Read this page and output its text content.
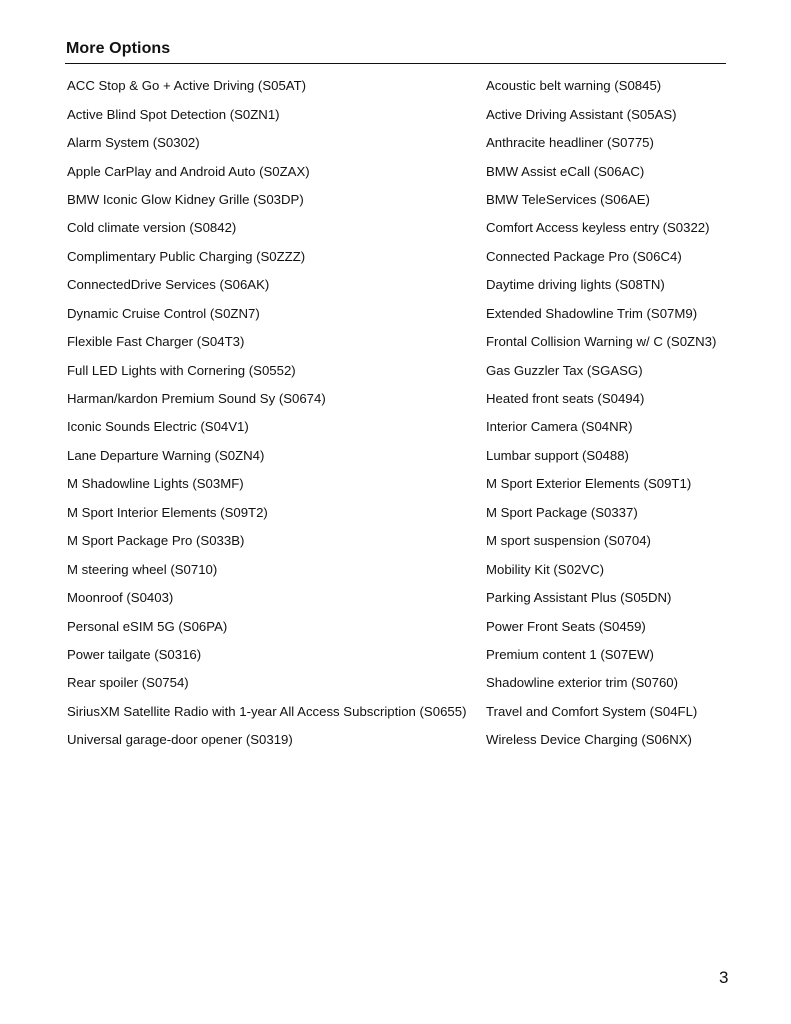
More Options
ACC Stop & Go + Active Driving (S05AT)	Acoustic belt warning (S0845)
Active Blind Spot Detection (S0ZN1)	Active Driving Assistant (S05AS)
Alarm System (S0302)	Anthracite headliner (S0775)
Apple CarPlay and Android Auto (S0ZAX)	BMW Assist eCall (S06AC)
BMW Iconic Glow Kidney Grille (S03DP)	BMW TeleServices (S06AE)
Cold climate version (S0842)	Comfort Access keyless entry (S0322)
Complimentary Public Charging (S0ZZZ)	Connected Package Pro (S06C4)
ConnectedDrive Services (S06AK)	Daytime driving lights (S08TN)
Dynamic Cruise Control (S0ZN7)	Extended Shadowline Trim (S07M9)
Flexible Fast Charger (S04T3)	Frontal Collision Warning w/ C (S0ZN3)
Full LED Lights with Cornering (S0552)	Gas Guzzler Tax (SGASG)
Harman/kardon Premium Sound Sy (S0674)	Heated front seats (S0494)
Iconic Sounds Electric (S04V1)	Interior Camera (S04NR)
Lane Departure Warning (S0ZN4)	Lumbar support (S0488)
M Shadowline Lights (S03MF)	M Sport Exterior Elements (S09T1)
M Sport Interior Elements (S09T2)	M Sport Package (S0337)
M Sport Package Pro (S033B)	M sport suspension (S0704)
M steering wheel (S0710)	Mobility Kit (S02VC)
Moonroof (S0403)	Parking Assistant Plus (S05DN)
Personal eSIM 5G (S06PA)	Power Front Seats (S0459)
Power tailgate (S0316)	Premium content 1 (S07EW)
Rear spoiler (S0754)	Shadowline exterior trim (S0760)
SiriusXM Satellite Radio with 1-year All Access Subscription (S0655)	Travel and Comfort System (S04FL)
Universal garage-door opener (S0319)	Wireless Device Charging (S06NX)
3
